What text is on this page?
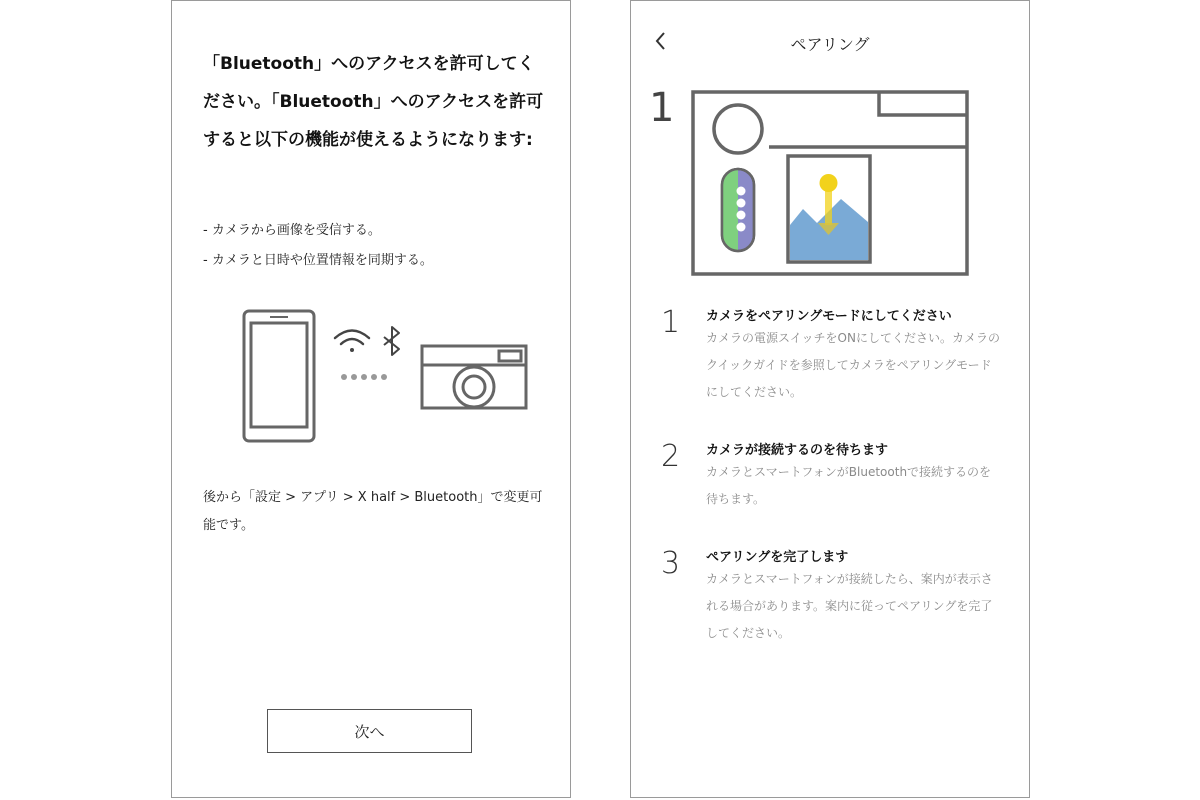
「Bluetooth」へのアクセスを許可してください。「Bluetooth」へのアクセスを許可すると以下の機能が使えるようになります:
- カメラから画像を受信する。
- カメラと日時や位置情報を同期する。
後から「設定 > アプリ > X half > Bluetooth」で変更可能です。
次へ
ペアリング
1
1 カメラをペアリングモードにしてください
カメラの電源スイッチをONにしてください。カメラのクイックガイドを参照してカメラをペアリングモードにしてください。
2 カメラが接続するのを待ちます
カメラとスマートフォンがBluetoothで接続するのを待ちます。
3 ペアリングを完了します
カメラとスマートフォンが接続したら、案内が表示される場合があります。案内に従ってペアリングを完了してください。
